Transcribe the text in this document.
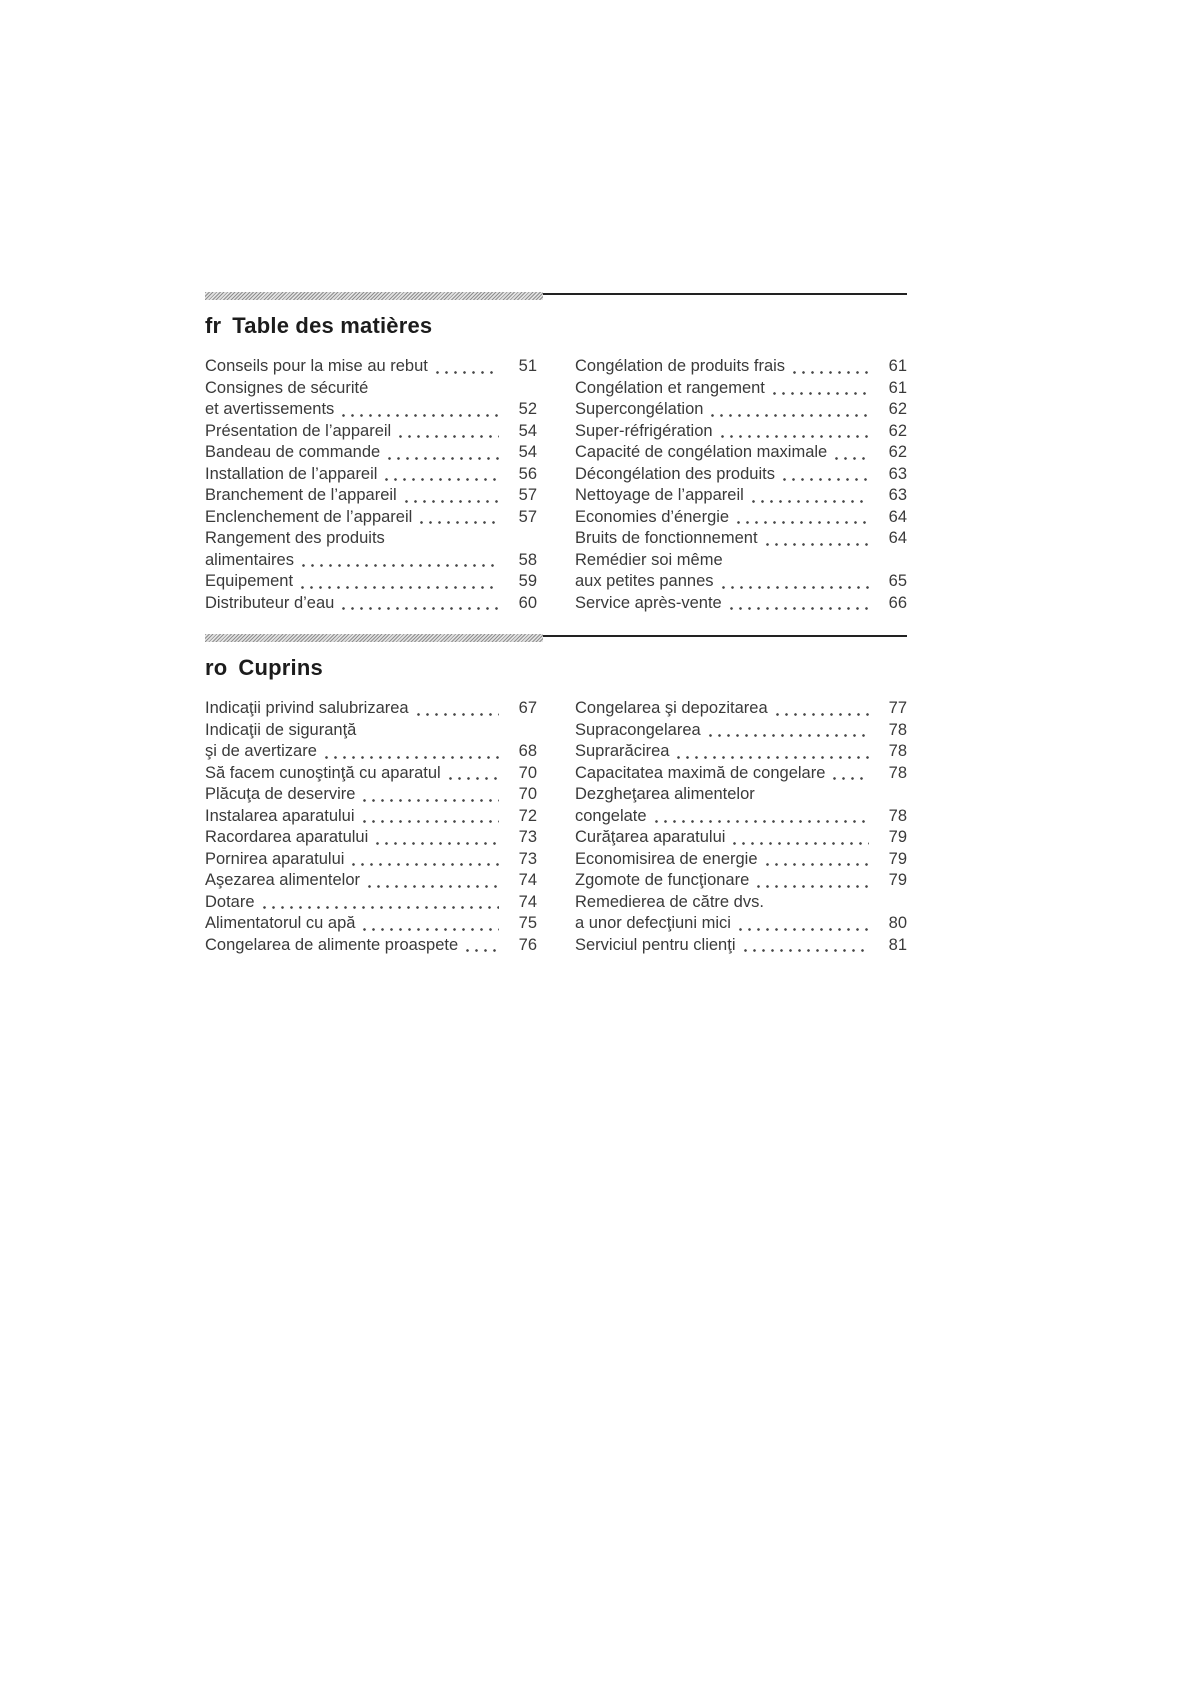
fr Table des matières
Conseils pour la mise au rebut	51
Consignes de sécurité
et avertissements	52
Présentation de l’appareil	54
Bandeau de commande	54
Installation de l’appareil	56
Branchement de l’appareil	57
Enclenchement de l’appareil	57
Rangement des produits
alimentaires	58
Equipement	59
Distributeur d’eau	60
Congélation de produits frais	61
Congélation et rangement	61
Supercongélation	62
Super-réfrigération	62
Capacité de congélation maximale	62
Décongélation des produits	63
Nettoyage de l’appareil	63
Economies d’énergie	64
Bruits de fonctionnement	64
Remédier soi même
aux petites pannes	65
Service après-vente	66
ro Cuprins
Indicaţii privind salubrizarea	67
Indicaţii de siguranţă
şi de avertizare	68
Să facem cunoştinţă cu aparatul	70
Plăcuţa de deservire	70
Instalarea aparatului	72
Racordarea aparatului	73
Pornirea aparatului	73
Aşezarea alimentelor	74
Dotare	74
Alimentatorul cu apă	75
Congelarea de alimente proaspete	76
Congelarea şi depozitarea	77
Supracongelarea	78
Suprarăcirea	78
Capacitatea maximă de congelare	78
Dezgheţarea alimentelor
congelate	78
Curăţarea aparatului	79
Economisirea de energie	79
Zgomote de funcţionare	79
Remedierea de către dvs.
a unor defecţiuni mici	80
Serviciul pentru clienţi	81
